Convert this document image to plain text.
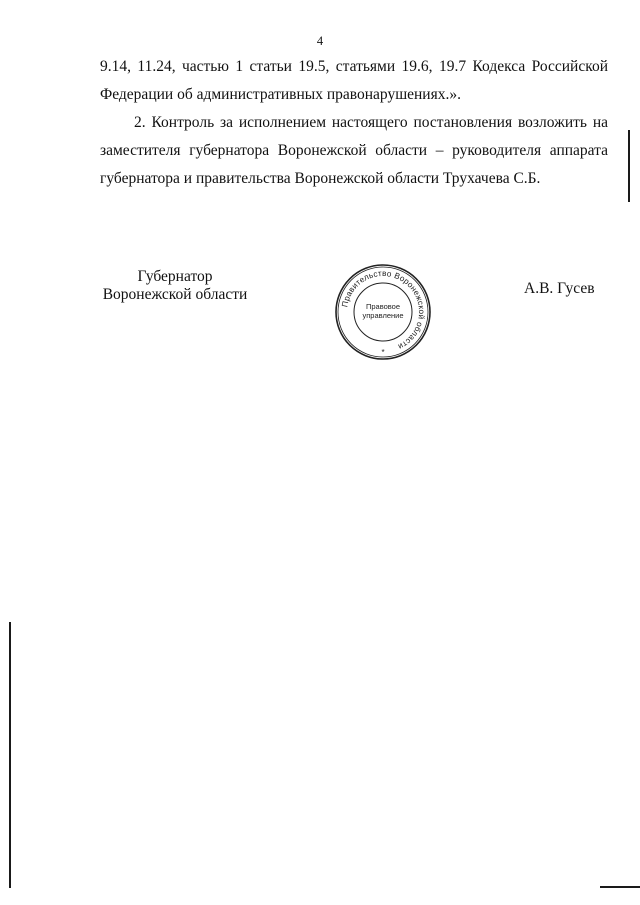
4
9.14, 11.24, частью 1 статьи 19.5, статьями 19.6, 19.7 Кодекса Российской
Федерации об административных правонарушениях.».
2. Контроль за исполнением настоящего постановления возложить на
заместителя губернатора Воронежской области – руководителя аппарата
губернатора и правительства Воронежской области Трухачева С.Б.
Губернатор
Воронежской области
Правительство Воронежской области
Правовое
управление
*
А.В. Гусев
